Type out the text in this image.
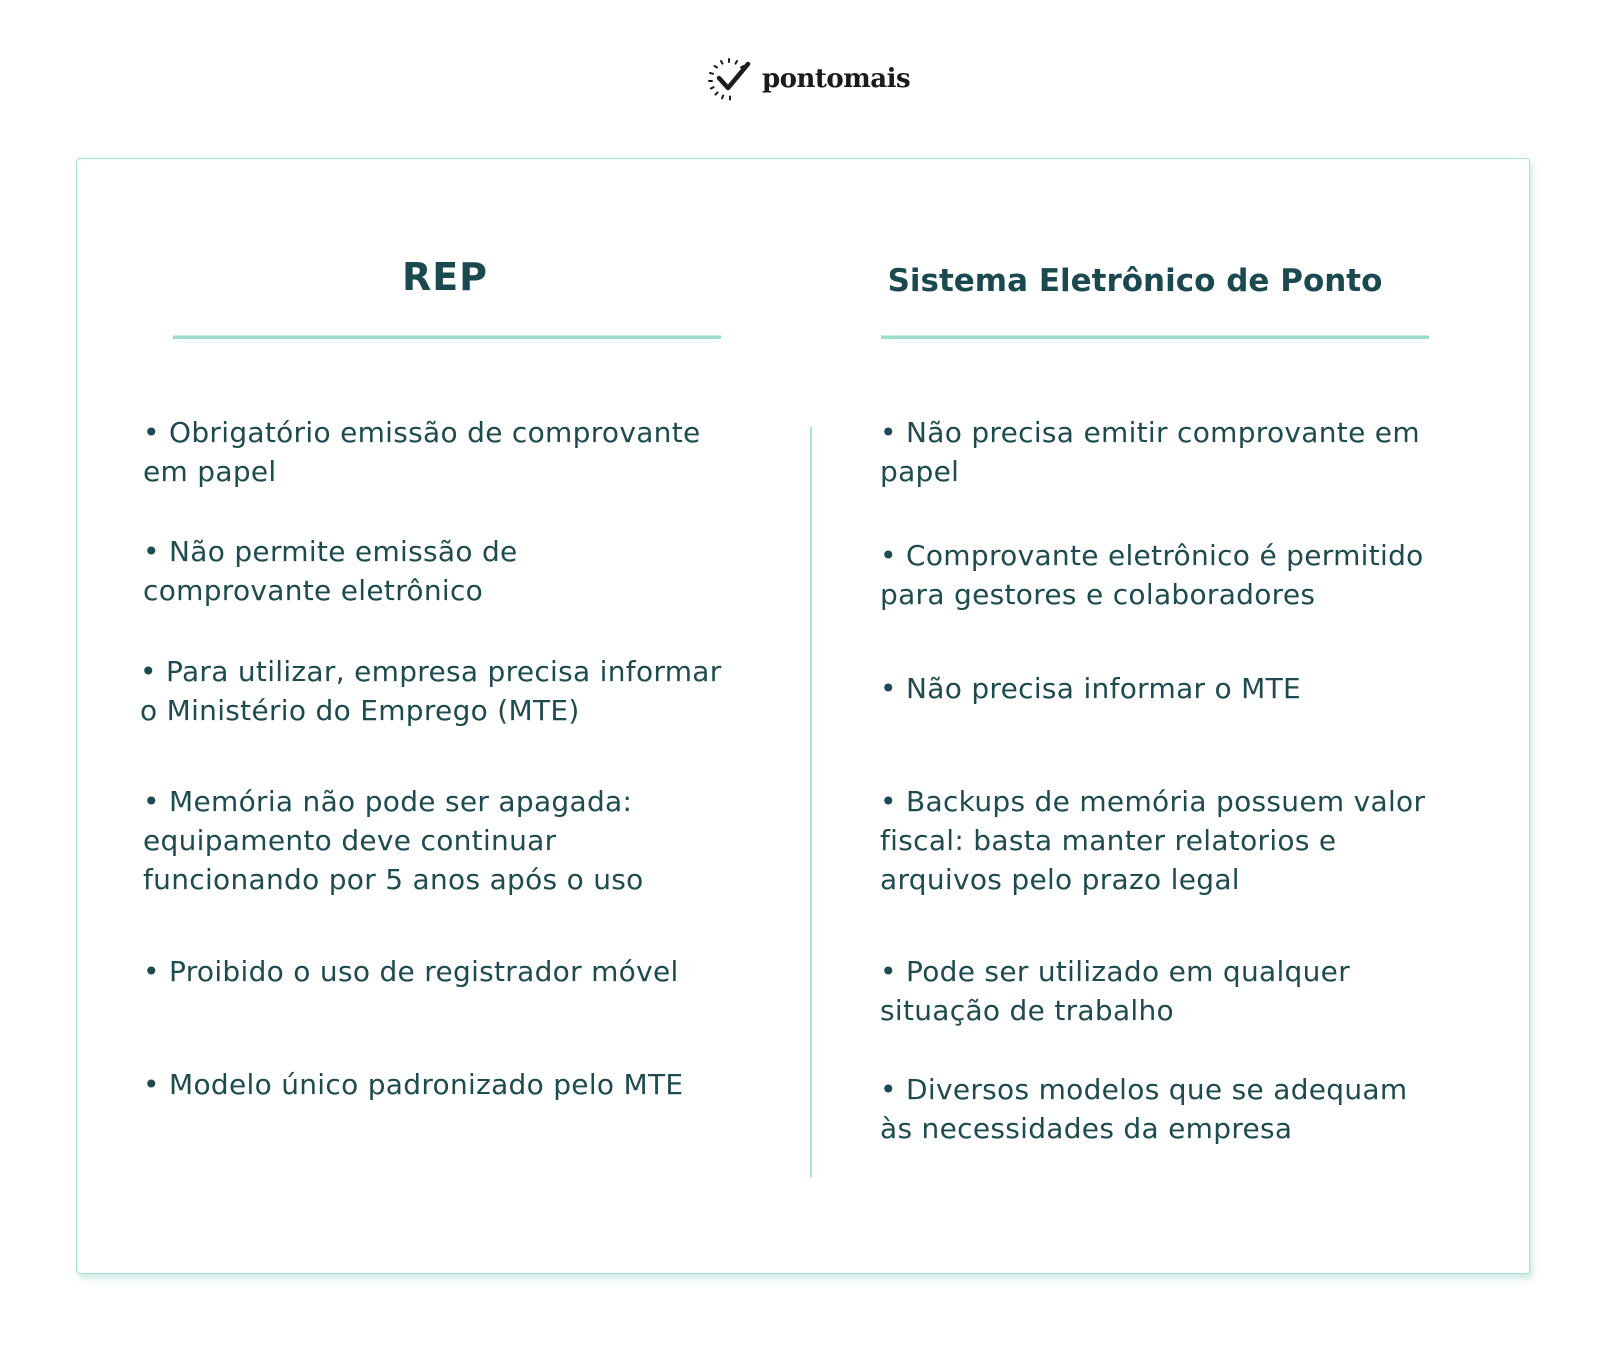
pontomais
REP	Sistema Eletrônico de Ponto

• Obrigatório emissão de comprovante
em papel

• Não permite emissão de
comprovante eletrônico

• Para utilizar, empresa precisa informar
o Ministério do Emprego (MTE)

• Memória não pode ser apagada:
equipamento deve continuar
funcionando por 5 anos após o uso

• Proibido o uso de registrador móvel

• Modelo único padronizado pelo MTE

• Não precisa emitir comprovante em
papel

• Comprovante eletrônico é permitido
para gestores e colaboradores

• Não precisa informar o MTE

• Backups de memória possuem valor
fiscal: basta manter relatorios e
arquivos pelo prazo legal

• Pode ser utilizado em qualquer
situação de trabalho

• Diversos modelos que se adequam
às necessidades da empresa
